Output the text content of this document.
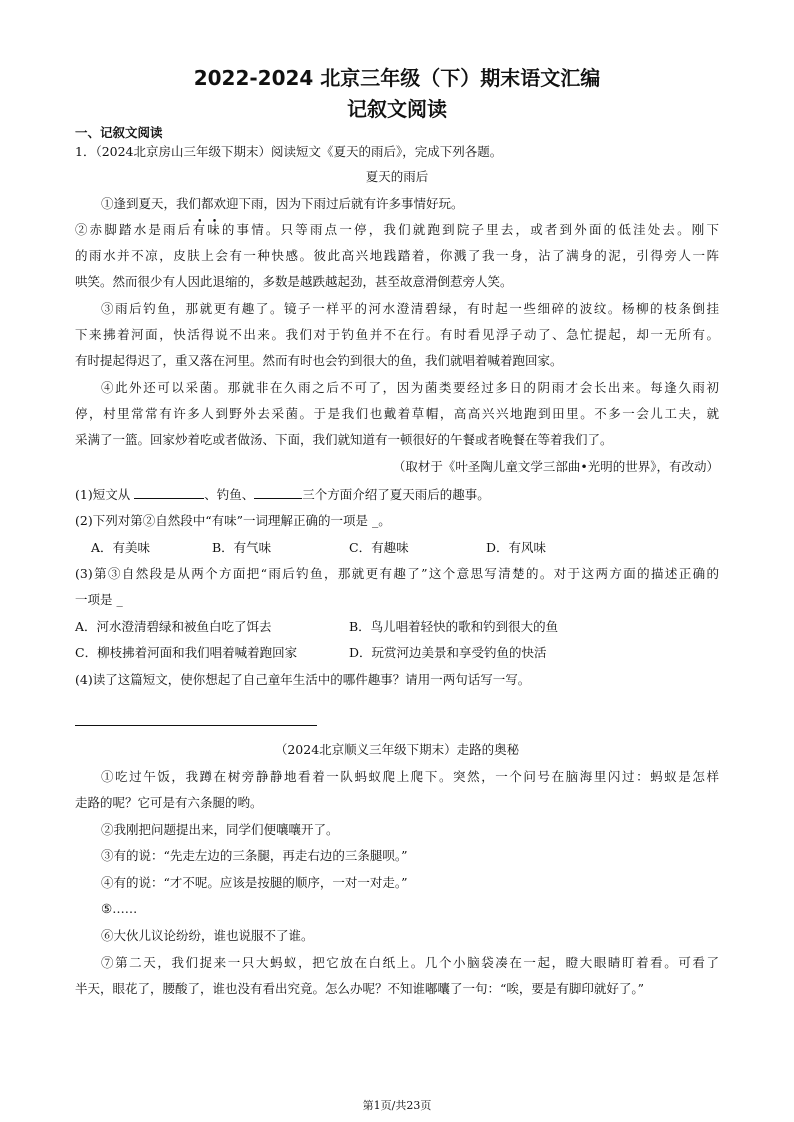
2022-2024 北京三年级（下）期末语文汇编
记叙文阅读
一、记叙文阅读
1．（2024北京房山三年级下期末）阅读短文《夏天的雨后》，完成下列各题。
夏天的雨后
①逢到夏天，我们都欢迎下雨，因为下雨过后就有许多事情好玩。
②赤脚踏水是雨后有味的事情。只等雨点一停，我们就跑到院子里去，或者到外面的低洼处去。刚下
的雨水并不凉，皮肤上会有一种快感。彼此高兴地践踏着，你溅了我一身，沾了满身的泥，引得旁人一阵
哄笑。然而很少有人因此退缩的，多数是越跌越起劲，甚至故意滑倒惹旁人笑。
③雨后钓鱼，那就更有趣了。镜子一样平的河水澄清碧绿，有时起一些细碎的波纹。杨柳的枝条倒挂
下来拂着河面，快活得说不出来。我们对于钓鱼并不在行。有时看见浮子动了、急忙提起，却一无所有。
有时提起得迟了，重又落在河里。然而有时也会钓到很大的鱼，我们就唱着喊着跑回家。
④此外还可以采菌。那就非在久雨之后不可了，因为菌类要经过多日的阴雨才会长出来。每逢久雨初
停，村里常常有许多人到野外去采菌。于是我们也戴着草帽，高高兴兴地跑到田里。不多一会儿工夫，就
采满了一篮。回家炒着吃或者做汤、下面，我们就知道有一顿很好的午餐或者晚餐在等着我们了。
（取材于《叶圣陶儿童文学三部曲•光明的世界》，有改动）
(1)短文从	、钓鱼、	三个方面介绍了夏天雨后的趣事。
(2)下列对第②自然段中“有味”一词理解正确的一项是 _。
A．有美味	B．有气味	C．有趣味	D．有风味
(3)第③自然段是从两个方面把“雨后钓鱼，那就更有趣了”这个意思写清楚的。对于这两方面的描述正确的
一项是 _
A．河水澄清碧绿和被鱼白吃了饵去	B．鸟儿唱着轻快的歌和钓到很大的鱼
C．柳枝拂着河面和我们唱着喊着跑回家	D．玩赏河边美景和享受钓鱼的快活
(4)读了这篇短文，使你想起了自己童年生活中的哪件趣事？请用一两句话写一写。
（2024北京顺义三年级下期末）走路的奥秘
①吃过午饭，我蹲在树旁静静地看着一队蚂蚁爬上爬下。突然，一个问号在脑海里闪过：蚂蚁是怎样
走路的呢？它可是有六条腿的哟。
②我刚把问题提出来，同学们便嚷嚷开了。
③有的说：“先走左边的三条腿，再走右边的三条腿呗。”
④有的说：“才不呢。应该是按腿的顺序，一对一对走。”
⑤……
⑥大伙儿议论纷纷，谁也说服不了谁。
⑦第二天，我们捉来一只大蚂蚁，把它放在白纸上。几个小脑袋凑在一起，瞪大眼睛盯着看。可看了
半天，眼花了，腰酸了，谁也没有看出究竟。怎么办呢？不知谁嘟囔了一句：“唉，要是有脚印就好了。”
第1页/共23页
